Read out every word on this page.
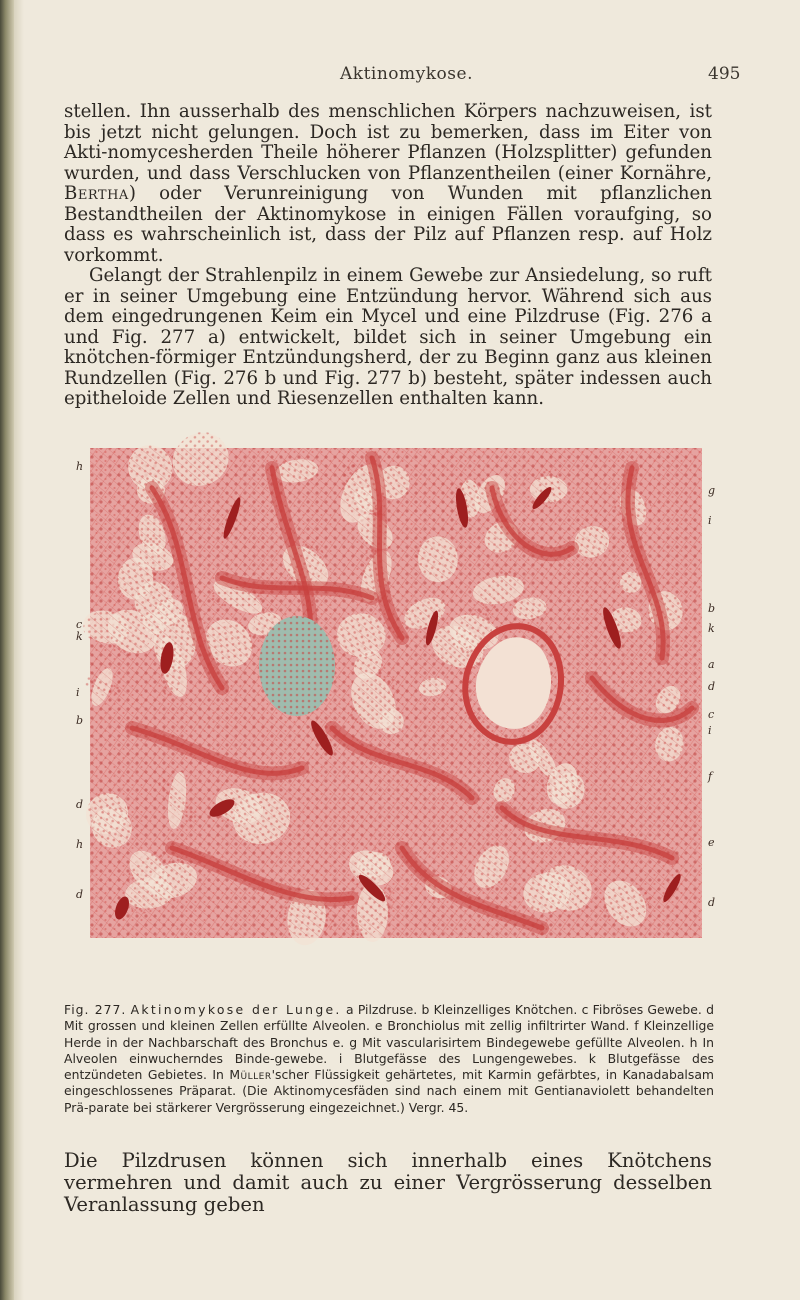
Aktinomykose.	495

stellen. Ihn ausserhalb des menschlichen Körpers nachzuweisen, ist bis jetzt nicht gelungen. Doch ist zu bemerken, dass im Eiter von Akti-nomycesherden Theile höherer Pflanzen (Holzsplitter) gefunden wurden, und dass Verschlucken von Pflanzentheilen (einer Kornähre, Bertha) oder Verunreinigung von Wunden mit pflanzlichen Bestandtheilen der Aktinomykose in einigen Fällen voraufging, so dass es wahrscheinlich ist, dass der Pilz auf Pflanzen resp. auf Holz vorkommt.

Gelangt der Strahlenpilz in einem Gewebe zur Ansiedelung, so ruft er in seiner Umgebung eine Entzündung hervor. Während sich aus dem eingedrungenen Keim ein Mycel und eine Pilzdruse (Fig. 276 a und Fig. 277 a) entwickelt, bildet sich in seiner Umgebung ein knötchen-förmiger Entzündungsherd, der zu Beginn ganz aus kleinen Rundzellen (Fig. 276 b und Fig. 277 b) besteht, später indessen auch epitheloide Zellen und Riesenzellen enthalten kann.

h
c
k
i
b
d
h
d
g
i
b
k
a
d
c
i
f
e
d
Fig. 277. Aktinomykose der Lunge. a Pilzdruse. b Kleinzelliges Knötchen. c Fibröses Gewebe. d Mit grossen und kleinen Zellen erfüllte Alveolen. e Bronchiolus mit zellig infiltrirter Wand. f Kleinzellige Herde in der Nachbarschaft des Bronchus e. g Mit vascularisirtem Bindegewebe gefüllte Alveolen. h In Alveolen einwucherndes Binde-gewebe. i Blutgefässe des Lungengewebes. k Blutgefässe des entzündeten Gebietes. In Müller'scher Flüssigkeit gehärtetes, mit Karmin gefärbtes, in Kanadabalsam eingeschlossenes Präparat. (Die Aktinomycesfäden sind nach einem mit Gentianaviolett behandelten Prä-parate bei stärkerer Vergrösserung eingezeichnet.) Vergr. 45.
Die Pilzdrusen können sich innerhalb eines Knötchens vermehren und damit auch zu einer Vergrösserung desselben Veranlassung geben
